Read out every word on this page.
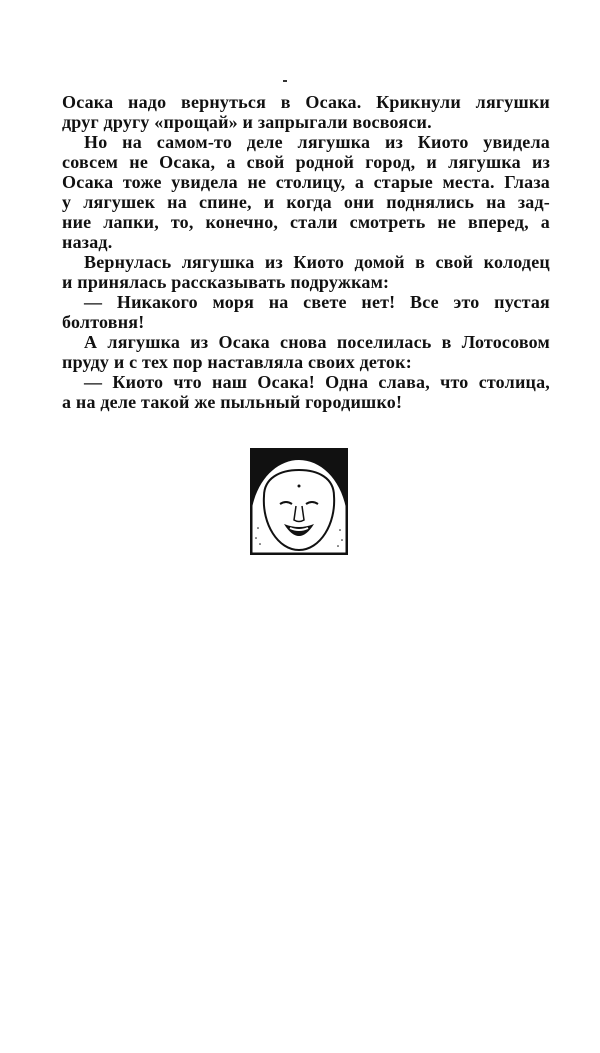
Осака надо вернуться в Осака. Крикнули лягушки
друг другу «прощай» и запрыгали восвояси.
Но на самом-то деле лягушка из Киото увидела
совсем не Осака, а свой родной город, и лягушка из
Осака тоже увидела не столицу, а старые места. Глаза
у лягушек на спине, и когда они поднялись на зад-
ние лапки, то, конечно, стали смотреть не вперед, а
назад.
Вернулась лягушка из Киото домой в свой колодец
и принялась рассказывать подружкам:
— Никакого моря на свете нет! Все это пустая
болтовня!
А лягушка из Осака снова поселилась в Лотосовом
пруду и с тех пор наставляла своих деток:
— Киото что наш Осака! Одна слава, что столица,
а на деле такой же пыльный городишко!
